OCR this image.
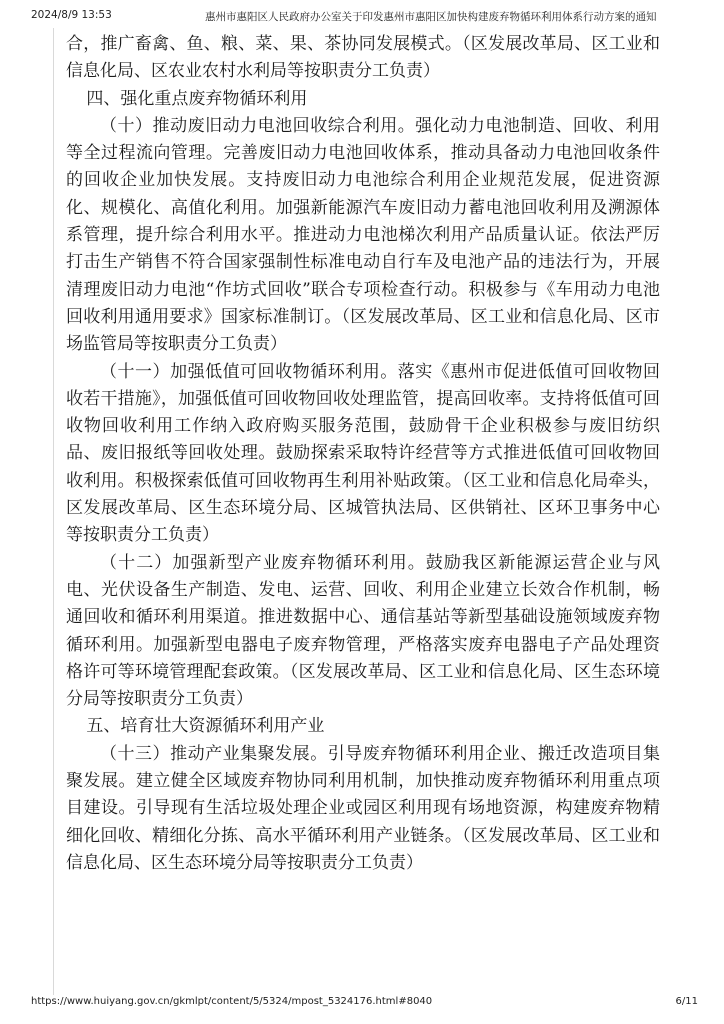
2024/8/9 13:53	惠州市惠阳区人民政府办公室关于印发惠州市惠阳区加快构建废弃物循环利用体系行动方案的通知

合，推广畜禽、鱼、粮、菜、果、茶协同发展模式。（区发展改革局、区工业和信息化局、区农业农村水利局等按职责分工负责）

四、强化重点废弃物循环利用

（十）推动废旧动力电池回收综合利用。强化动力电池制造、回收、利用等全过程流向管理。完善废旧动力电池回收体系，推动具备动力电池回收条件的回收企业加快发展。支持废旧动力电池综合利用企业规范发展，促进资源化、规模化、高值化利用。加强新能源汽车废旧动力蓄电池回收利用及溯源体系管理，提升综合利用水平。推进动力电池梯次利用产品质量认证。依法严厉打击生产销售不符合国家强制性标准电动自行车及电池产品的违法行为，开展清理废旧动力电池“作坊式回收”联合专项检查行动。积极参与《车用动力电池回收利用通用要求》国家标准制订。（区发展改革局、区工业和信息化局、区市场监管局等按职责分工负责）

（十一）加强低值可回收物循环利用。落实《惠州市促进低值可回收物回收若干措施》，加强低值可回收物回收处理监管，提高回收率。支持将低值可回收物回收利用工作纳入政府购买服务范围，鼓励骨干企业积极参与废旧纺织品、废旧报纸等回收处理。鼓励探索采取特许经营等方式推进低值可回收物回收利用。积极探索低值可回收物再生利用补贴政策。（区工业和信息化局牵头，区发展改革局、区生态环境分局、区城管执法局、区供销社、区环卫事务中心等按职责分工负责）

（十二）加强新型产业废弃物循环利用。鼓励我区新能源运营企业与风电、光伏设备生产制造、发电、运营、回收、利用企业建立长效合作机制，畅通回收和循环利用渠道。推进数据中心、通信基站等新型基础设施领域废弃物循环利用。加强新型电器电子废弃物管理，严格落实废弃电器电子产品处理资格许可等环境管理配套政策。（区发展改革局、区工业和信息化局、区生态环境分局等按职责分工负责）

五、培育壮大资源循环利用产业

（十三）推动产业集聚发展。引导废弃物循环利用企业、搬迁改造项目集聚发展。建立健全区域废弃物协同利用机制，加快推动废弃物循环利用重点项目建设。引导现有生活垃圾处理企业或园区利用现有场地资源，构建废弃物精细化回收、精细化分拣、高水平循环利用产业链条。（区发展改革局、区工业和信息化局、区生态环境分局等按职责分工负责）

https://www.huiyang.gov.cn/gkmlpt/content/5/5324/mpost_5324176.html#8040	6/11
